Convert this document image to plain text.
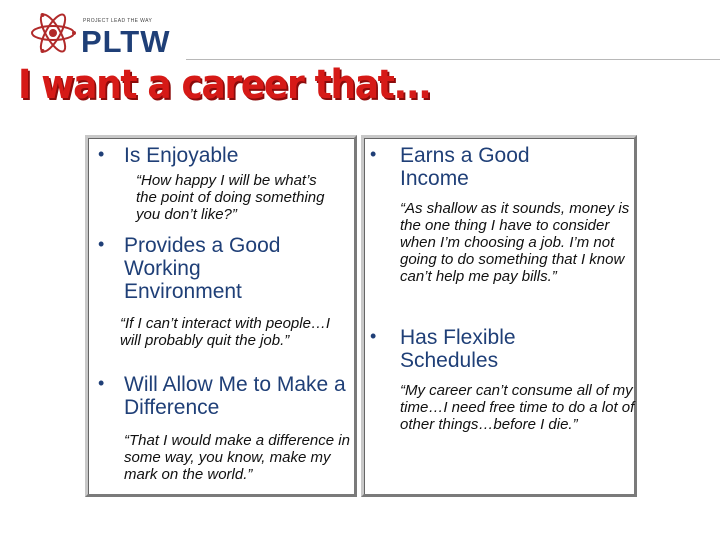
PROJECT LEAD THE WAY
PLTW
I want a career that...
• Is Enjoyable
“How happy I will be what’s the point of doing something you don’t like?”
• Provides a Good Working Environment
“If I can’t interact with people…I will probably quit the job.”
• Will Allow Me to Make a Difference
“That I would make a difference in some way, you know, make my mark on the world.”
• Earns a Good Income
“As shallow as it sounds, money is the one thing I have to consider when I’m choosing a job. I’m not going to do something that I know can’t help me pay bills.”
• Has Flexible Schedules
“My career can’t consume all of my time…I need free time to do a lot of other things…before I die.”
